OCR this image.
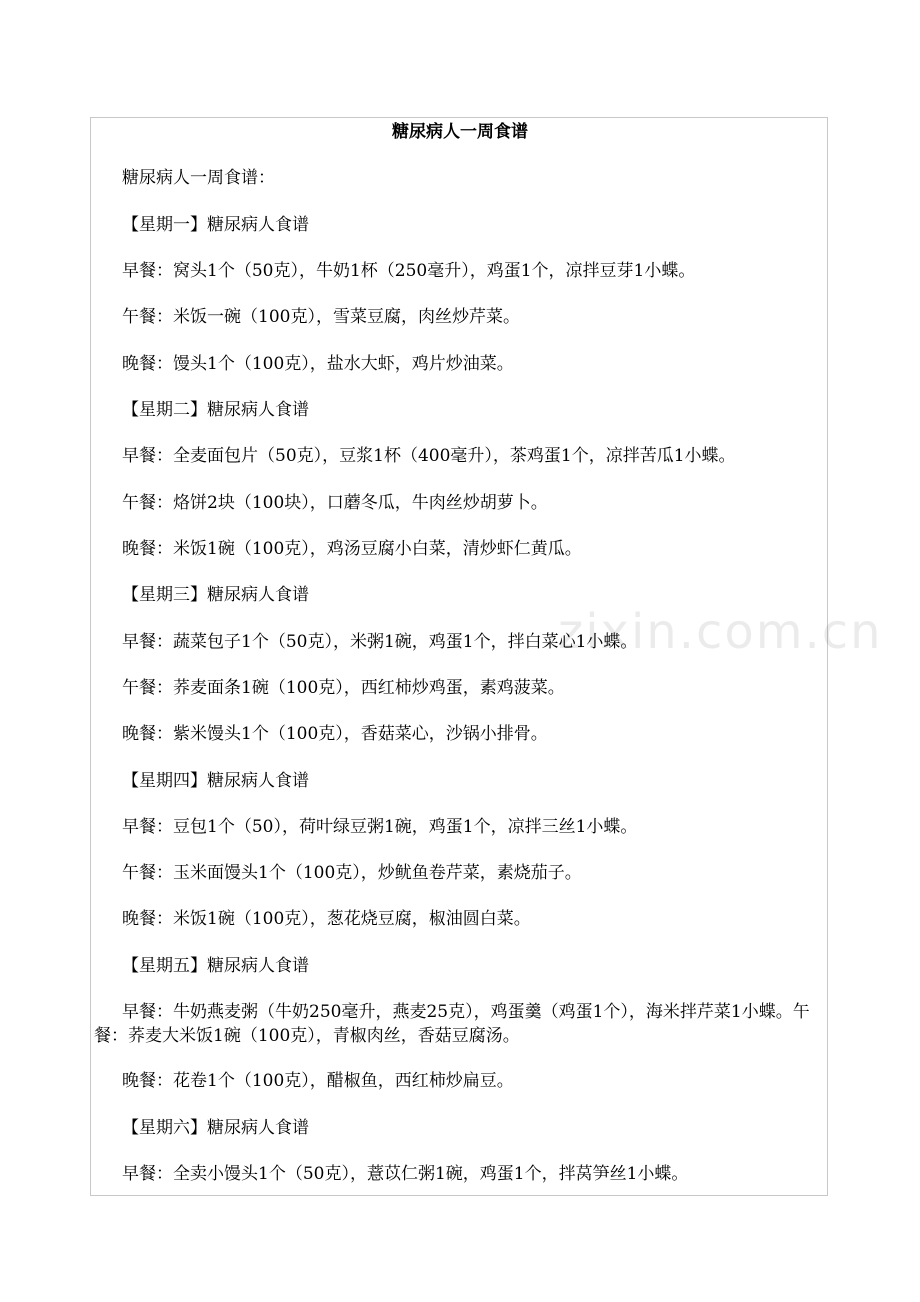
糖尿病人一周食谱

糖尿病人一周食谱：

【星期一】糖尿病人食谱

早餐：窝头1个（50克），牛奶1杯（250毫升），鸡蛋1个，凉拌豆芽1小蝶。

午餐：米饭一碗（100克），雪菜豆腐，肉丝炒芹菜。

晚餐：馒头1个（100克），盐水大虾，鸡片炒油菜。

【星期二】糖尿病人食谱

早餐：全麦面包片（50克），豆浆1杯（400毫升），茶鸡蛋1个，凉拌苦瓜1小蝶。

午餐：烙饼2块（100块），口蘑冬瓜，牛肉丝炒胡萝卜。

晚餐：米饭1碗（100克），鸡汤豆腐小白菜，清炒虾仁黄瓜。

【星期三】糖尿病人食谱

早餐：蔬菜包子1个（50克），米粥1碗，鸡蛋1个，拌白菜心1小蝶。

午餐：荞麦面条1碗（100克），西红柿炒鸡蛋，素鸡菠菜。

晚餐：紫米馒头1个（100克），香菇菜心，沙锅小排骨。

【星期四】糖尿病人食谱

早餐：豆包1个（50），荷叶绿豆粥1碗，鸡蛋1个，凉拌三丝1小蝶。

午餐：玉米面馒头1个（100克），炒鱿鱼卷芹菜，素烧茄子。

晚餐：米饭1碗（100克），葱花烧豆腐，椒油圆白菜。

【星期五】糖尿病人食谱

早餐：牛奶燕麦粥（牛奶250毫升，燕麦25克），鸡蛋羹（鸡蛋1个），海米拌芹菜1小蝶。午餐：荞麦大米饭1碗（100克），青椒肉丝，香菇豆腐汤。

晚餐：花卷1个（100克），醋椒鱼，西红柿炒扁豆。

【星期六】糖尿病人食谱

早餐：全卖小馒头1个（50克），薏苡仁粥1碗，鸡蛋1个，拌莴笋丝1小蝶。

zixin.com.cn
